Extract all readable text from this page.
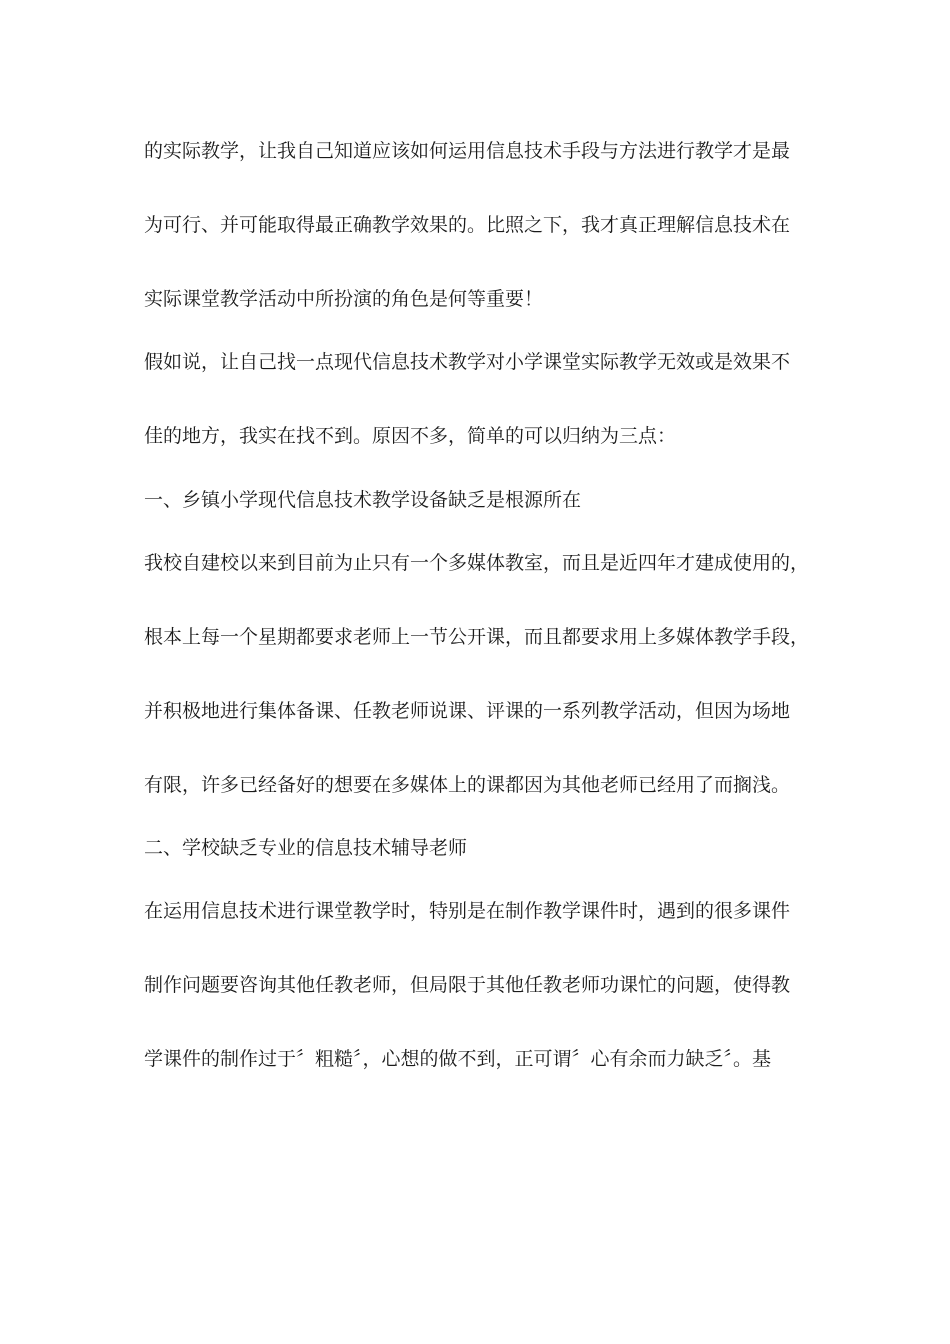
的实际教学，让我自己知道应该如何运用信息技术手段与方法进行教学才是最
为可行、并可能取得最正确教学效果的。比照之下，我才真正理解信息技术在
实际课堂教学活动中所扮演的角色是何等重要！
假如说，让自己找一点现代信息技术教学对小学课堂实际教学无效或是效果不
佳的地方，我实在找不到。原因不多，简单的可以归纳为三点：
一、乡镇小学现代信息技术教学设备缺乏是根源所在
我校自建校以来到目前为止只有一个多媒体教室，而且是近四年才建成使用的，
根本上每一个星期都要求老师上一节公开课，而且都要求用上多媒体教学手段，
并积极地进行集体备课、任教老师说课、评课的一系列教学活动，但因为场地
有限，许多已经备好的想要在多媒体上的课都因为其他老师已经用了而搁浅。
二、学校缺乏专业的信息技术辅导老师
在运用信息技术进行课堂教学时，特别是在制作教学课件时，遇到的很多课件
制作问题要咨询其他任教老师，但局限于其他任教老师功课忙的问题，使得教
学课件的制作过于〞粗糙〞，心想的做不到，正可谓〞心有余而力缺乏〞。基
